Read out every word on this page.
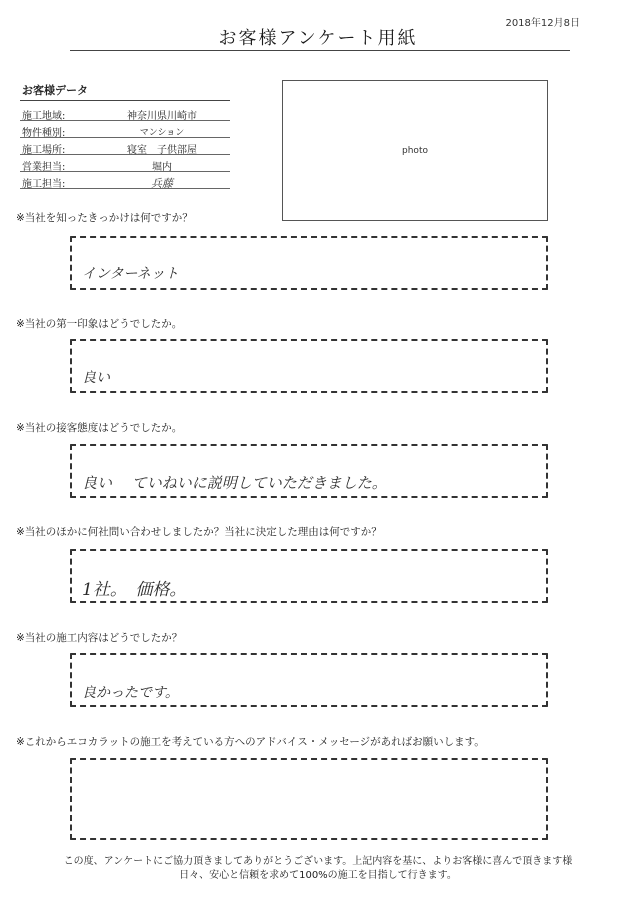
2018年12月8日
お客様アンケート用紙
お客様データ
施工地域:	神奈川県川崎市
物件種別:	マンション
施工場所:	寝室　子供部屋
営業担当:	堀内
施工担当:	兵藤
photo
※当社を知ったきっかけは何ですか？
インターネット
※当社の第一印象はどうでしたか。
良い
※当社の接客態度はどうでしたか。
良い　 ていねいに説明していただきました。
※当社のほかに何社問い合わせしましたか？当社に決定した理由は何ですか？
1社。　価格。
※当社の施工内容はどうでしたか？
良かったです。
※これからエコカラットの施工を考えている方へのアドバイス・メッセージがあればお願いします。
この度、アンケートにご協力頂きましてありがとうございます。上記内容を基に、よりお客様に喜んで頂きます様
日々、安心と信頼を求めて100%の施工を目指して行きます。
